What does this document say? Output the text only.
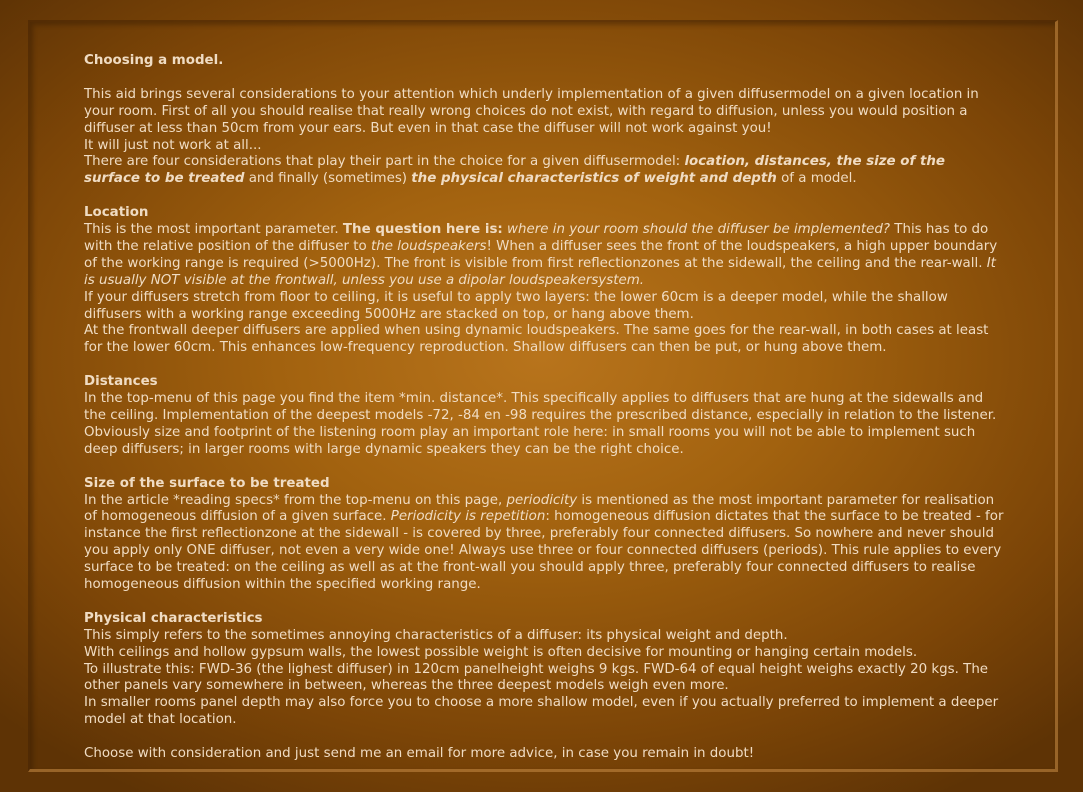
Choosing a model.

This aid brings several considerations to your attention which underly implementation of a given diffusermodel on a given location in your room. First of all you should realise that really wrong choices do not exist, with regard to diffusion, unless you would position a diffuser at less than 50cm from your ears. But even in that case the diffuser will not work against you!
It will just not work at all...

There are four considerations that play their part in the choice for a given diffusermodel: location, distances, the size of the surface to be treated and finally (sometimes) the physical characteristics of weight and depth of a model.

Location

This is the most important parameter. The question here is: where in your room should the diffuser be implemented? This has to do with the relative position of the diffuser to the loudspeakers! When a diffuser sees the front of the loudspeakers, a high upper boundary of the working range is required (>5000Hz). The front is visible from first reflectionzones at the sidewall, the ceiling and the rear-wall. It is usually NOT visible at the frontwall, unless you use a dipolar loudspeakersystem.

If your diffusers stretch from floor to ceiling, it is useful to apply two layers: the lower 60cm is a deeper model, while the shallow diffusers with a working range exceeding 5000Hz are stacked on top, or hang above them.

At the frontwall deeper diffusers are applied when using dynamic loudspeakers. The same goes for the rear-wall, in both cases at least for the lower 60cm. This enhances low-frequency reproduction. Shallow diffusers can then be put, or hung above them.

Distances

In the top-menu of this page you find the item *min. distance*. This specifically applies to diffusers that are hung at the sidewalls and the ceiling. Implementation of the deepest models -72, -84 en -98 requires the prescribed distance, especially in relation to the listener. Obviously size and footprint of the listening room play an important role here: in small rooms you will not be able to implement such deep diffusers; in larger rooms with large dynamic speakers they can be the right choice.

Size of the surface to be treated

In the article *reading specs* from the top-menu on this page, periodicity is mentioned as the most important parameter for realisation of homogeneous diffusion of a given surface. Periodicity is repetition: homogeneous diffusion dictates that the surface to be treated - for instance the first reflectionzone at the sidewall - is covered by three, preferably four connected diffusers. So nowhere and never should you apply only ONE diffuser, not even a very wide one! Always use three or four connected diffusers (periods). This rule applies to every surface to be treated: on the ceiling as well as at the front-wall you should apply three, preferably four connected diffusers to realise homogeneous diffusion within the specified working range.

Physical characteristics

This simply refers to the sometimes annoying characteristics of a diffuser: its physical weight and depth.

With ceilings and hollow gypsum walls, the lowest possible weight is often decisive for mounting or hanging certain models.

To illustrate this: FWD-36 (the lighest diffuser) in 120cm panelheight weighs 9 kgs. FWD-64 of equal height weighs exactly 20 kgs. The other panels vary somewhere in between, whereas the three deepest models weigh even more.

In smaller rooms panel depth may also force you to choose a more shallow model, even if you actually preferred to implement a deeper model at that location.

Choose with consideration and just send me an email for more advice, in case you remain in doubt!
